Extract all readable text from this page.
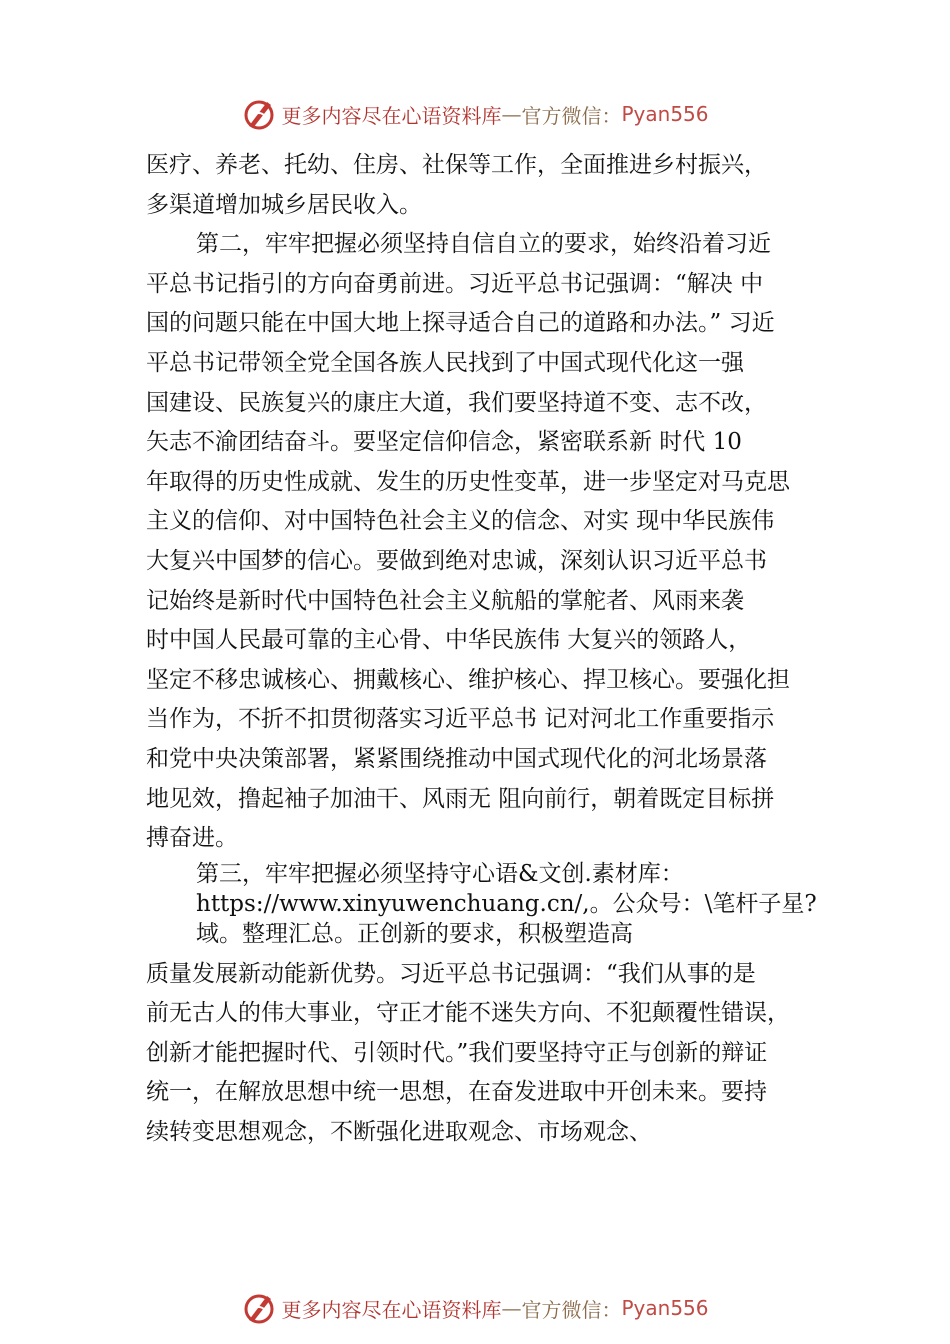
更多内容尽在心语资料库 — 官方微信： Pyan556
医疗、养老、托幼、住房、社保等工作，全面推进乡村振兴，
多渠道增加城乡居民收入。
第二，牢牢把握必须坚持自信自立的要求，始终沿着习近
平总书记指引的方向奋勇前进。习近平总书记强调：“解决 中
国的问题只能在中国大地上探寻适合自己的道路和办法。” 习近
平总书记带领全党全国各族人民找到了中国式现代化这一强
国建设、民族复兴的康庄大道，我们要坚持道不变、志不改，
矢志不渝团结奋斗。要坚定信仰信念，紧密联系新 时代 10
年取得的历史性成就、发生的历史性变革，进一步坚定对马克思
主义的信仰、对中国特色社会主义的信念、对实 现中华民族伟
大复兴中国梦的信心。要做到绝对忠诚，深刻认识习近平总书
记始终是新时代中国特色社会主义航船的掌舵者、风雨来袭
时中国人民最可靠的主心骨、中华民族伟 大复兴的领路人，
坚定不移忠诚核心、拥戴核心、维护核心、捍卫核心。要强化担
当作为，不折不扣贯彻落实习近平总书 记对河北工作重要指示
和党中央决策部署，紧紧围绕推动中国式现代化的河北场景落
地见效，撸起袖子加油干、风雨无 阻向前行，朝着既定目标拼
搏奋进。
第三，牢牢把握必须坚持守心语&文创.素材库：
https://www.xinyuwenchuang.cn/,。公众号：\笔杆子星?
域。整理汇总。正创新的要求，积极塑造高
质量发展新动能新优势。习近平总书记强调：“我们从事的是
前无古人的伟大事业，守正才能不迷失方向、不犯颠覆性错误，
创新才能把握时代、引领时代。”我们要坚持守正与创新的辩证
统一，在解放思想中统一思想，在奋发进取中开创未来。要持
续转变思想观念，不断强化进取观念、市场观念、
更多内容尽在心语资料库 — 官方微信： Pyan556
